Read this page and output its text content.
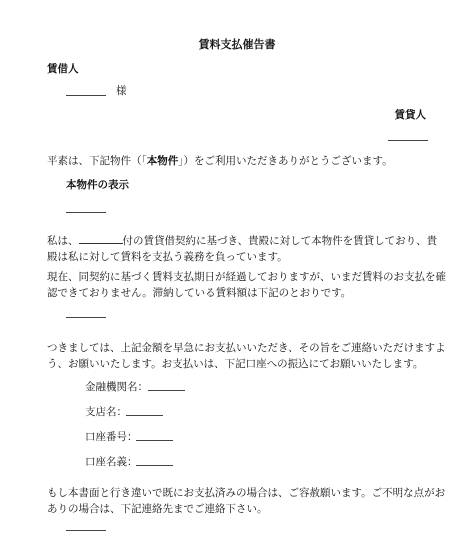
賃料支払催告書
賃借人
様
賃貸人
平素は、下記物件（「本物件」）をご利用いただきありがとうございます。
本物件の表示
私は、	付の賃貸借契約に基づき、貴殿に対して本物件を賃貸しており、貴殿は私に対して賃料を支払う義務を負っています。
現在、同契約に基づく賃料支払期日が経過しておりますが、いまだ賃料のお支払を確認できておりません。滞納している賃料額は下記のとおりです。
つきましては、上記金額を早急にお支払いいただき、その旨をご連絡いただけますよう、お願いいたします。お支払いは、下記口座への振込にてお願いいたします。
金融機関名：
支店名：
口座番号：
口座名義：
もし本書面と行き違いで既にお支払済みの場合は、ご容赦願います。ご不明な点がおありの場合は、下記連絡先までご連絡下さい。
